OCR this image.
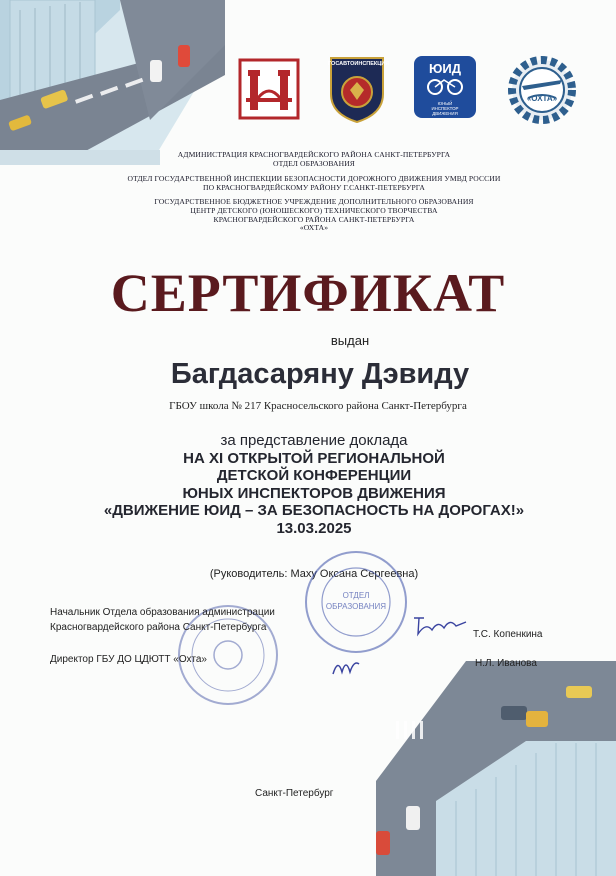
ГОСАВТОИНСПЕКЦИЯ	ЮИД
ЮНЫЙ ИНСПЕКТОР ДВИЖЕНИЯ
«ОХТА»
АДМИНИСТРАЦИЯ КРАСНОГВАРДЕЙСКОГО РАЙОНА САНКТ-ПЕТЕРБУРГА
ОТДЕЛ ОБРАЗОВАНИЯ
ОТДЕЛ ГОСУДАРСТВЕННОЙ ИНСПЕКЦИИ БЕЗОПАСНОСТИ ДОРОЖНОГО ДВИЖЕНИЯ УМВД РОССИИ
ПО КРАСНОГВАРДЕЙСКОМУ РАЙОНУ Г.САНКТ-ПЕТЕРБУРГА
ГОСУДАРСТВЕННОЕ БЮДЖЕТНОЕ УЧРЕЖДЕНИЕ ДОПОЛНИТЕЛЬНОГО ОБРАЗОВАНИЯ
ЦЕНТР ДЕТСКОГО (ЮНОШЕСКОГО) ТЕХНИЧЕСКОГО ТВОРЧЕСТВА
КРАСНОГВАРДЕЙСКОГО РАЙОНА САНКТ-ПЕТЕРБУРГА
«ОХТА»
СЕРТИФИКАТ
выдан
Багдасаряну Дэвиду
ГБОУ школа № 217 Красносельского района Санкт-Петербурга
за представление доклада
НА XI ОТКРЫТОЙ РЕГИОНАЛЬНОЙ
ДЕТСКОЙ КОНФЕРЕНЦИИ
ЮНЫХ ИНСПЕКТОРОВ ДВИЖЕНИЯ
«ДВИЖЕНИЕ ЮИД – ЗА БЕЗОПАСНОСТЬ НА ДОРОГАХ!»
13.03.2025
(Руководитель: Маху Оксана Сергеевна)
ОТДЕЛ
ОБРАЗОВАНИЯ
Начальник Отдела образования администрации
Красногвардейского района Санкт-Петербурга
Т.С. Копенкина
Директор ГБУ ДО ЦДЮТТ «Охта»	Н.Л. Иванова
Санкт-Петербург
